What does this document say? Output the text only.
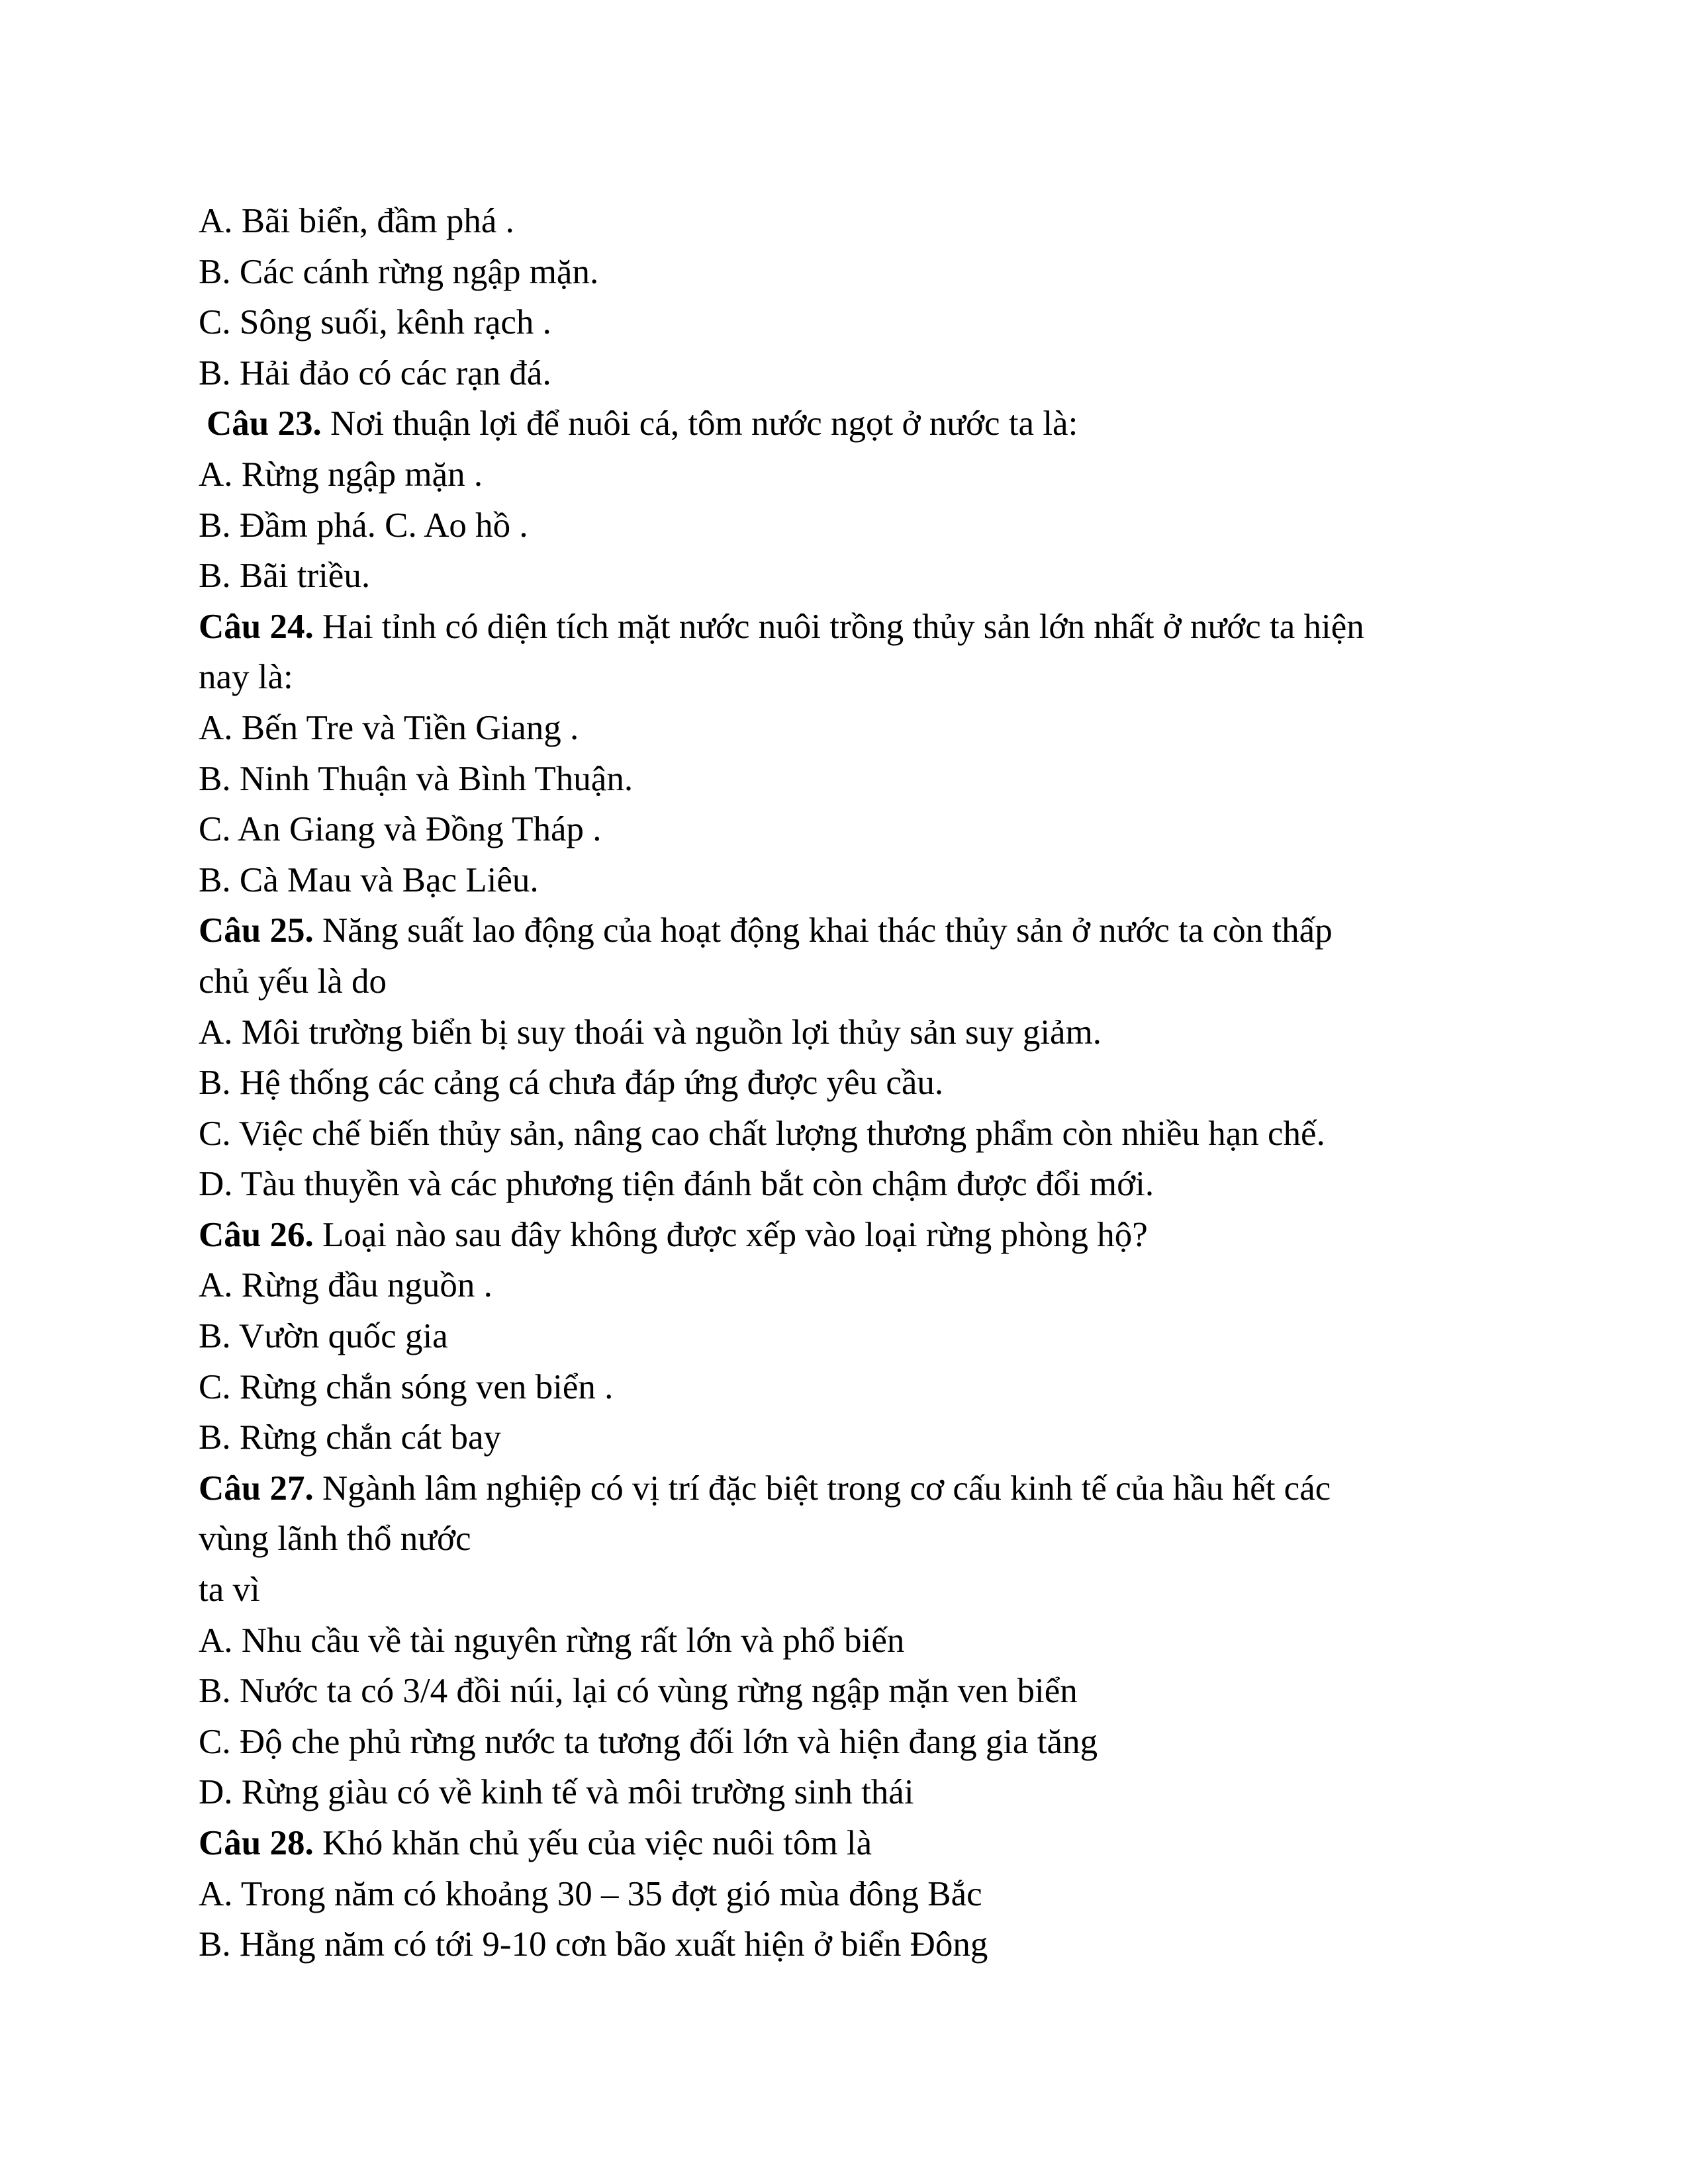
A. Bãi biển, đầm phá .

B. Các cánh rừng ngập mặn.

C. Sông suối, kênh rạch .

B. Hải đảo có các rạn đá.

Câu 23. Nơi thuận lợi để nuôi cá, tôm nước ngọt ở nước ta là:

A. Rừng ngập mặn .

B. Đầm phá. C. Ao hồ .

B. Bãi triều.

Câu 24. Hai tỉnh có diện tích mặt nước nuôi trồng thủy sản lớn nhất ở nước ta hiện

nay là:

A. Bến Tre và Tiền Giang .

B. Ninh Thuận và Bình Thuận.

C. An Giang và Đồng Tháp .

B. Cà Mau và Bạc Liêu.

Câu 25. Năng suất lao động của hoạt động khai thác thủy sản ở nước ta còn thấp

chủ yếu là do

A. Môi trường biển bị suy thoái và nguồn lợi thủy sản suy giảm.

B. Hệ thống các cảng cá chưa đáp ứng được yêu cầu.

C. Việc chế biến thủy sản, nâng cao chất lượng thương phẩm còn nhiều hạn chế.

D. Tàu thuyền và các phương tiện đánh bắt còn chậm được đổi mới.

Câu 26. Loại nào sau đây không được xếp vào loại rừng phòng hộ?

A. Rừng đầu nguồn .

B. Vườn quốc gia

C. Rừng chắn sóng ven biển .

B. Rừng chắn cát bay

Câu 27. Ngành lâm nghiệp có vị trí đặc biệt trong cơ cấu kinh tế của hầu hết các

vùng lãnh thổ nước

ta vì

A. Nhu cầu về tài nguyên rừng rất lớn và phổ biến

B. Nước ta có 3/4 đồi núi, lại có vùng rừng ngập mặn ven biển

C. Độ che phủ rừng nước ta tương đối lớn và hiện đang gia tăng

D. Rừng giàu có về kinh tế và môi trường sinh thái

Câu 28. Khó khăn chủ yếu của việc nuôi tôm là

A. Trong năm có khoảng 30 – 35 đợt gió mùa đông Bắc

B. Hằng năm có tới 9-10 cơn bão xuất hiện ở biển Đông
